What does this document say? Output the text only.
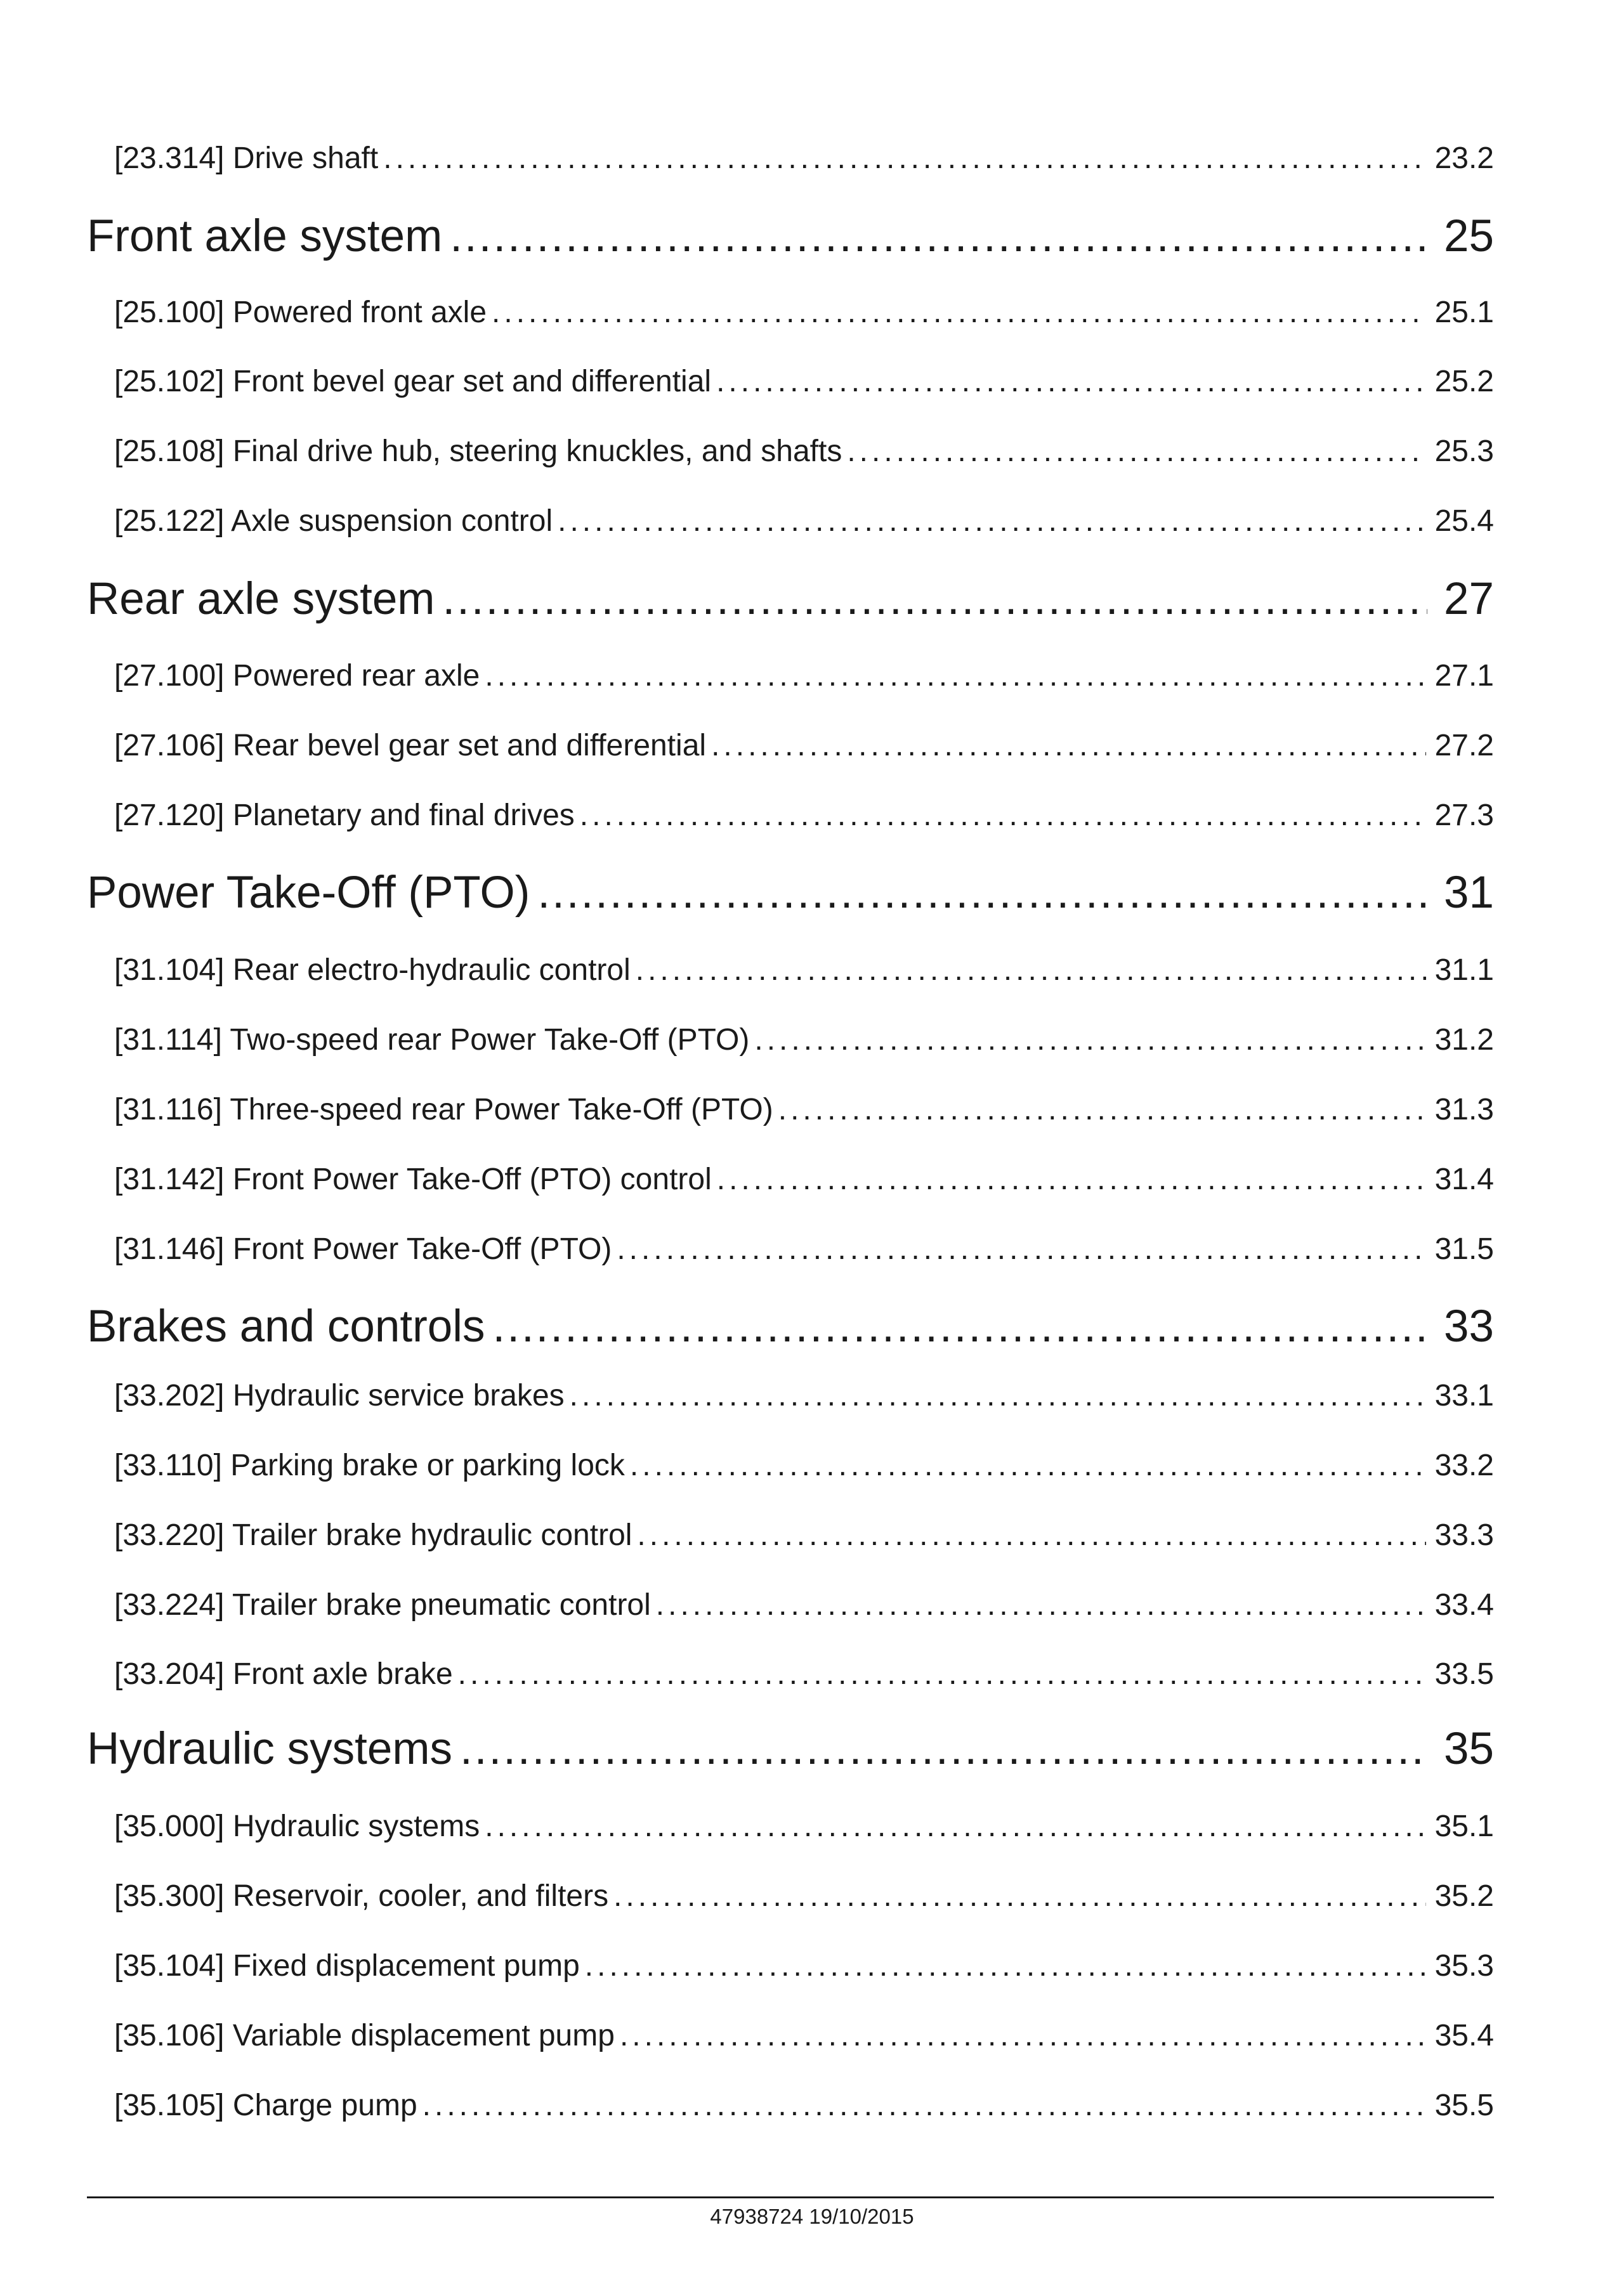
[23.314] Drive shaft .....	23.2
Front axle system .....	25
[25.100] Powered front axle .....	25.1
[25.102] Front bevel gear set and differential .....	25.2
[25.108] Final drive hub, steering knuckles, and shafts .....	25.3
[25.122] Axle suspension control .....	25.4
Rear axle system .....	27
[27.100] Powered rear axle .....	27.1
[27.106] Rear bevel gear set and differential .....	27.2
[27.120] Planetary and final drives .....	27.3
Power Take-Off (PTO) .....	31
[31.104] Rear electro-hydraulic control .....	31.1
[31.114] Two-speed rear Power Take-Off (PTO) .....	31.2
[31.116] Three-speed rear Power Take-Off (PTO) .....	31.3
[31.142] Front Power Take-Off (PTO) control .....	31.4
[31.146] Front Power Take-Off (PTO) .....	31.5
Brakes and controls .....	33
[33.202] Hydraulic service brakes .....	33.1
[33.110] Parking brake or parking lock .....	33.2
[33.220] Trailer brake hydraulic control .....	33.3
[33.224] Trailer brake pneumatic control .....	33.4
[33.204] Front axle brake .....	33.5
Hydraulic systems .....	35
[35.000] Hydraulic systems .....	35.1
[35.300] Reservoir, cooler, and filters .....	35.2
[35.104] Fixed displacement pump .....	35.3
[35.106] Variable displacement pump .....	35.4
[35.105] Charge pump .....	35.5
47938724 19/10/2015
